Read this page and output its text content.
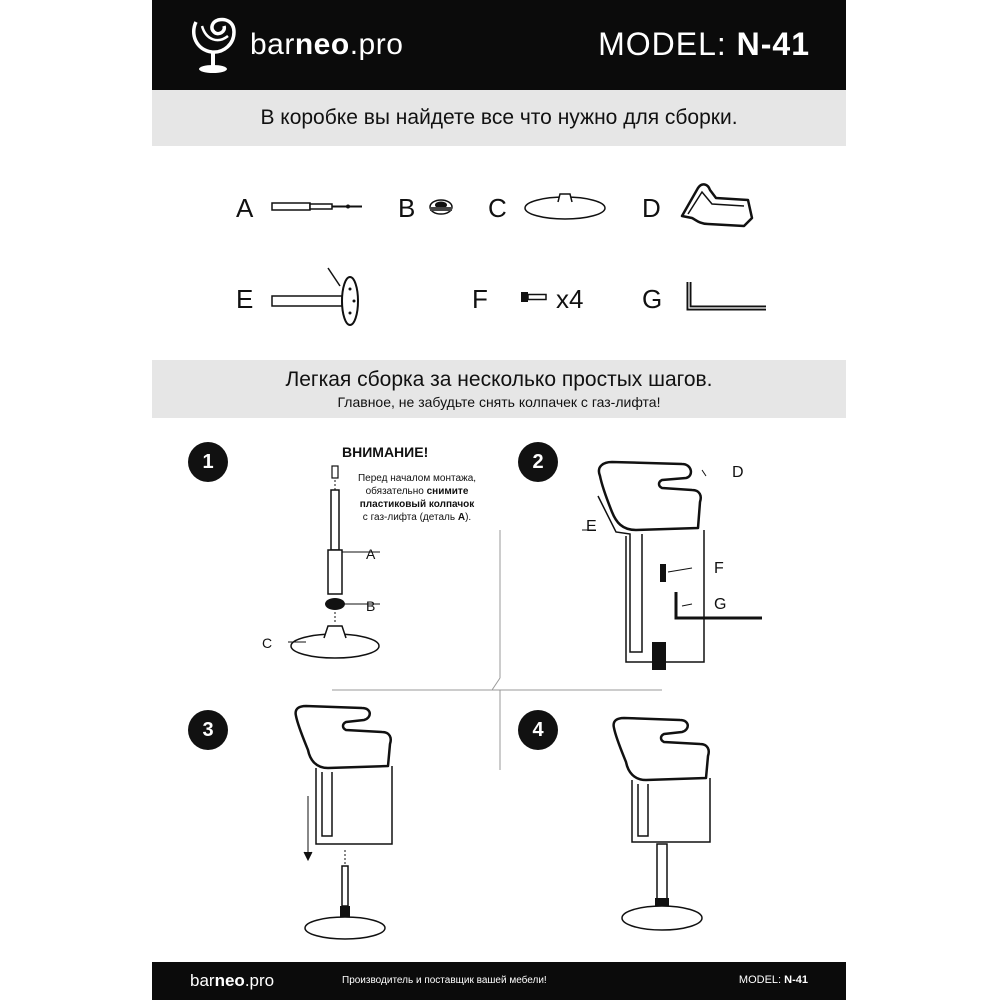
barneo.pro	MODEL: N-41
В коробке вы найдете все что нужно для сборки.
A	B	C	D
E	F	x4 G
Легкая сборка за несколько простых шагов.
Главное, не забудьте снять колпачек с газ-лифта!
1
A
B
C
ВНИМАНИЕ!
Перед началом монтажа,
обязательно снимите
пластиковый колпачок
с газ-лифта (деталь A).
2	D
E
F
G
3	4
barneo.pro	Производитель и поставщик вашей мебели!	MODEL: N-41
